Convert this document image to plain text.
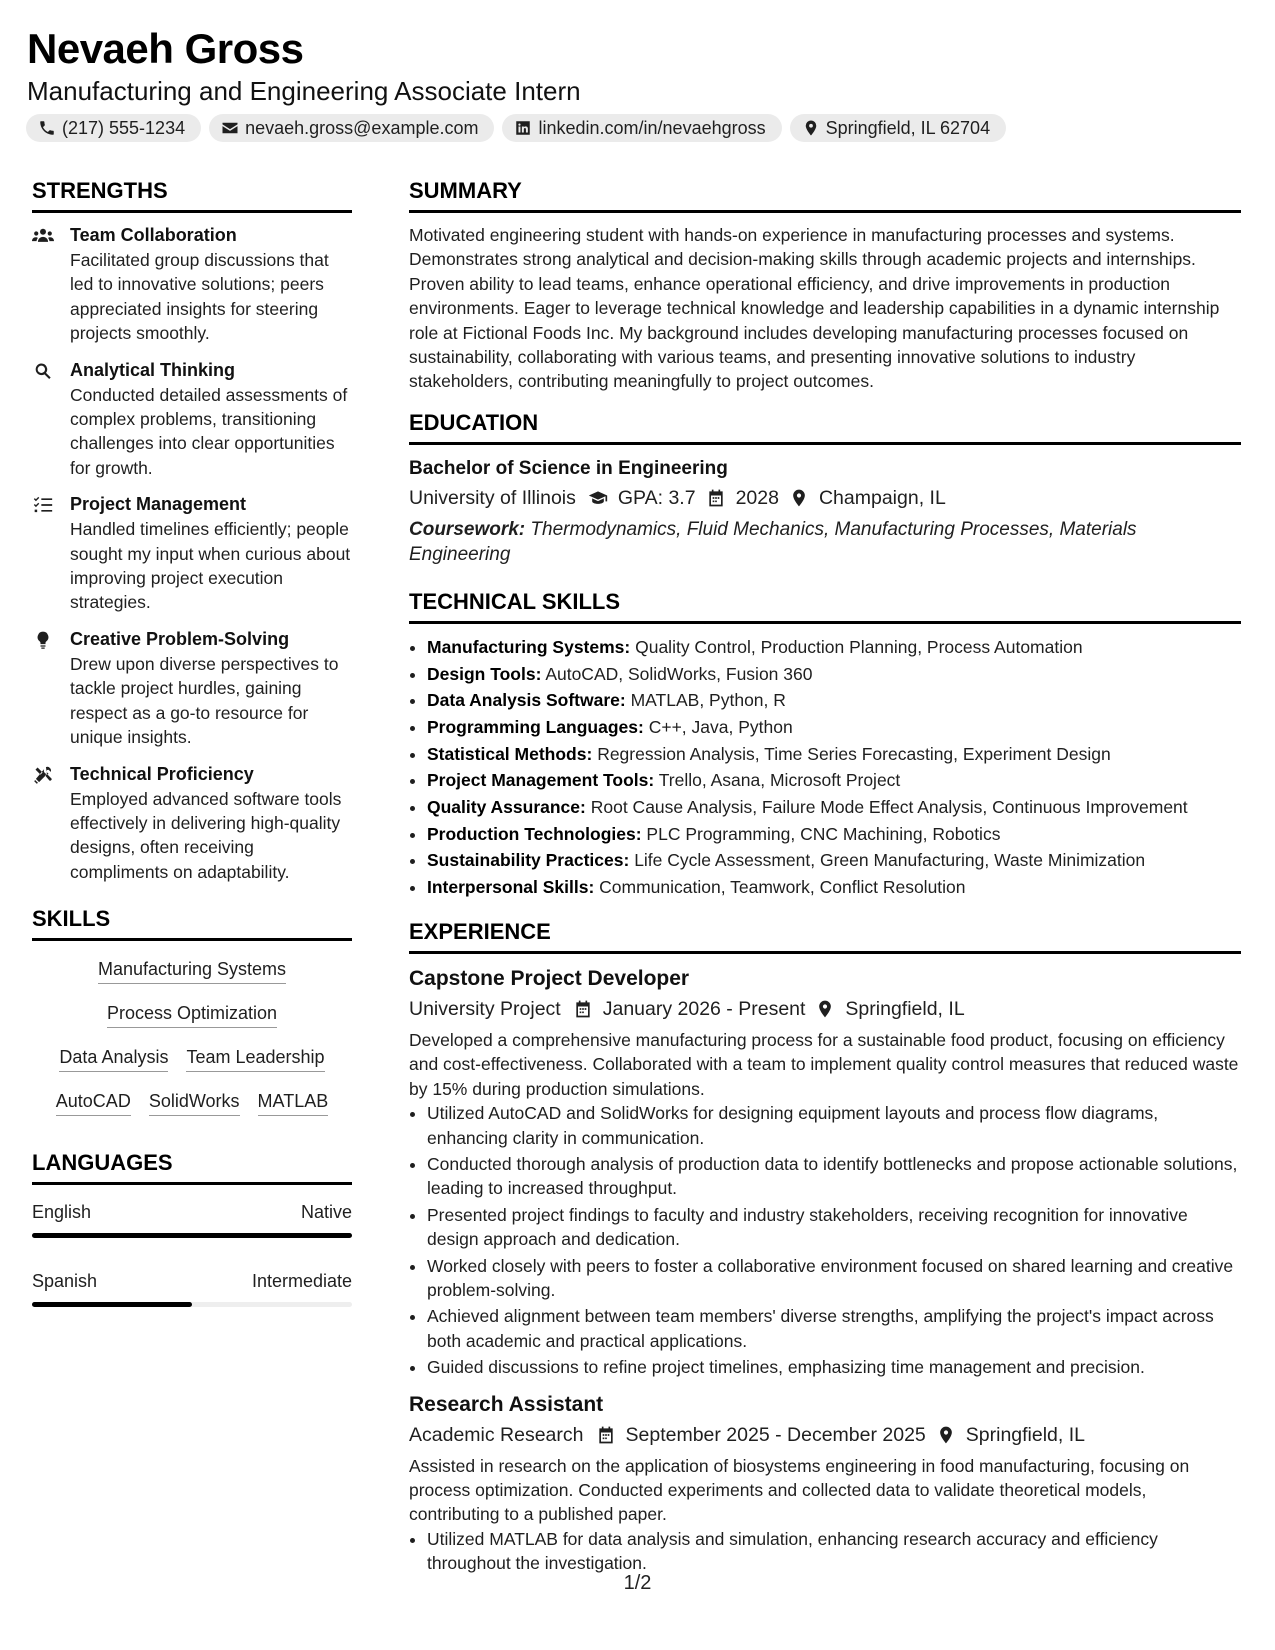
Nevaeh Gross
Manufacturing and Engineering Associate Intern
(217) 555-1234	nevaeh.gross@example.com	linkedin.com/in/nevaehgross	Springfield, IL 62704
STRENGTHS
Team Collaboration
Facilitated group discussions that led to innovative solutions; peers appreciated insights for steering projects smoothly.
Analytical Thinking
Conducted detailed assessments of complex problems, transitioning challenges into clear opportunities for growth.
Project Management
Handled timelines efficiently; people sought my input when curious about improving project execution strategies.
Creative Problem-Solving
Drew upon diverse perspectives to tackle project hurdles, gaining respect as a go-to resource for unique insights.
Technical Proficiency
Employed advanced software tools effectively in delivering high-quality designs, often receiving compliments on adaptability.
SKILLS
Manufacturing Systems
Process Optimization
Data Analysis Team Leadership
AutoCAD SolidWorks MATLAB
LANGUAGES
English	Native
Spanish	Intermediate
SUMMARY

Motivated engineering student with hands-on experience in manufacturing processes and systems. Demonstrates strong analytical and decision-making skills through academic projects and internships. Proven ability to lead teams, enhance operational efficiency, and drive improvements in production environments. Eager to leverage technical knowledge and leadership capabilities in a dynamic internship role at Fictional Foods Inc. My background includes developing manufacturing processes focused on sustainability, collaborating with various teams, and presenting innovative solutions to industry stakeholders, contributing meaningfully to project outcomes.

EDUCATION
Bachelor of Science in Engineering
University of Illinois GPA: 3.7 2028 Champaign, IL
Coursework: Thermodynamics, Fluid Mechanics, Manufacturing Processes, Materials Engineering
TECHNICAL SKILLS
• Manufacturing Systems: Quality Control, Production Planning, Process Automation
• Design Tools: AutoCAD, SolidWorks, Fusion 360
• Data Analysis Software: MATLAB, Python, R
• Programming Languages: C++, Java, Python
• Statistical Methods: Regression Analysis, Time Series Forecasting, Experiment Design
• Project Management Tools: Trello, Asana, Microsoft Project
• Quality Assurance: Root Cause Analysis, Failure Mode Effect Analysis, Continuous Improvement
• Production Technologies: PLC Programming, CNC Machining, Robotics
• Sustainability Practices: Life Cycle Assessment, Green Manufacturing, Waste Minimization
• Interpersonal Skills: Communication, Teamwork, Conflict Resolution
EXPERIENCE
Capstone Project Developer
University Project January 2026 - Present Springfield, IL

Developed a comprehensive manufacturing process for a sustainable food product, focusing on efficiency and cost-effectiveness. Collaborated with a team to implement quality control measures that reduced waste by 15% during production simulations.

• Utilized AutoCAD and SolidWorks for designing equipment layouts and process flow diagrams, enhancing clarity in communication.
• Conducted thorough analysis of production data to identify bottlenecks and propose actionable solutions, leading to increased throughput.
• Presented project findings to faculty and industry stakeholders, receiving recognition for innovative design approach and dedication.
• Worked closely with peers to foster a collaborative environment focused on shared learning and creative problem-solving.
• Achieved alignment between team members' diverse strengths, amplifying the project's impact across both academic and practical applications.
• Guided discussions to refine project timelines, emphasizing time management and precision.
Research Assistant
Academic Research September 2025 - December 2025 Springfield, IL

Assisted in research on the application of biosystems engineering in food manufacturing, focusing on process optimization. Conducted experiments and collected data to validate theoretical models, contributing to a published paper.

• Utilized MATLAB for data analysis and simulation, enhancing research accuracy and efficiency throughout the investigation.
1/2
